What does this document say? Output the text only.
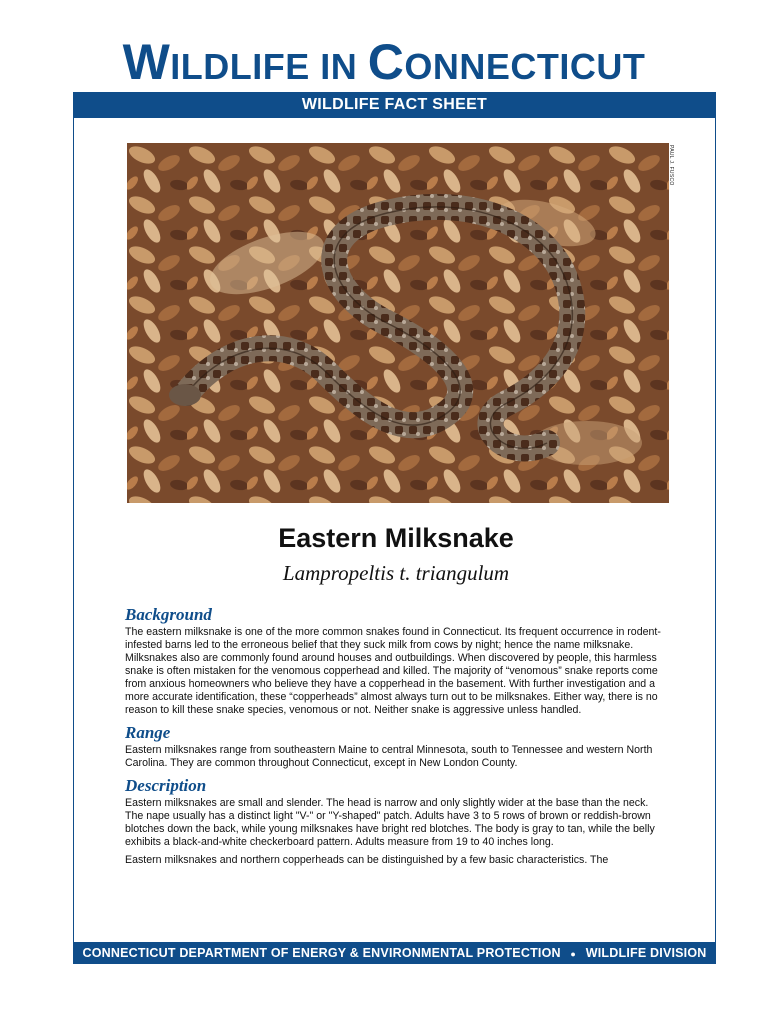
WILDLIFE IN CONNECTICUT
WILDLIFE FACT SHEET
PAUL J. FUSCO
Eastern Milksnake
Lampropeltis t. triangulum
Background

The eastern milksnake is one of the more common snakes found in Connecticut. Its frequent occurrence in rodent-infested barns led to the erroneous belief that they suck milk from cows by night; hence the name milksnake. Milksnakes also are commonly found around houses and outbuildings. When discovered by people, this harmless snake is often mistaken for the venomous copperhead and killed. The majority of “venomous” snake reports come from anxious homeowners who believe they have a copperhead in the basement. With further investigation and a more accurate identification, these “copperheads” almost always turn out to be milksnakes. Either way, there is no reason to kill these snake species, venomous or not. Neither snake is aggressive unless handled.

Range

Eastern milksnakes range from southeastern Maine to central Minnesota, south to Tennessee and western North Carolina. They are common throughout Connecticut, except in New London County.

Description

Eastern milksnakes are small and slender. The head is narrow and only slightly wider at the base than the neck. The nape usually has a distinct light "V-" or "Y-shaped" patch. Adults have 3 to 5 rows of brown or reddish-brown blotches down the back, while young milksnakes have bright red blotches. The body is gray to tan, while the belly exhibits a black-and-white checkerboard pattern. Adults measure from 19 to 40 inches long.

Eastern milksnakes and northern copperheads can be distinguished by a few basic characteristics. The

CONNECTICUT DEPARTMENT OF ENERGY & ENVIRONMENTAL PROTECTION ● WILDLIFE DIVISION
